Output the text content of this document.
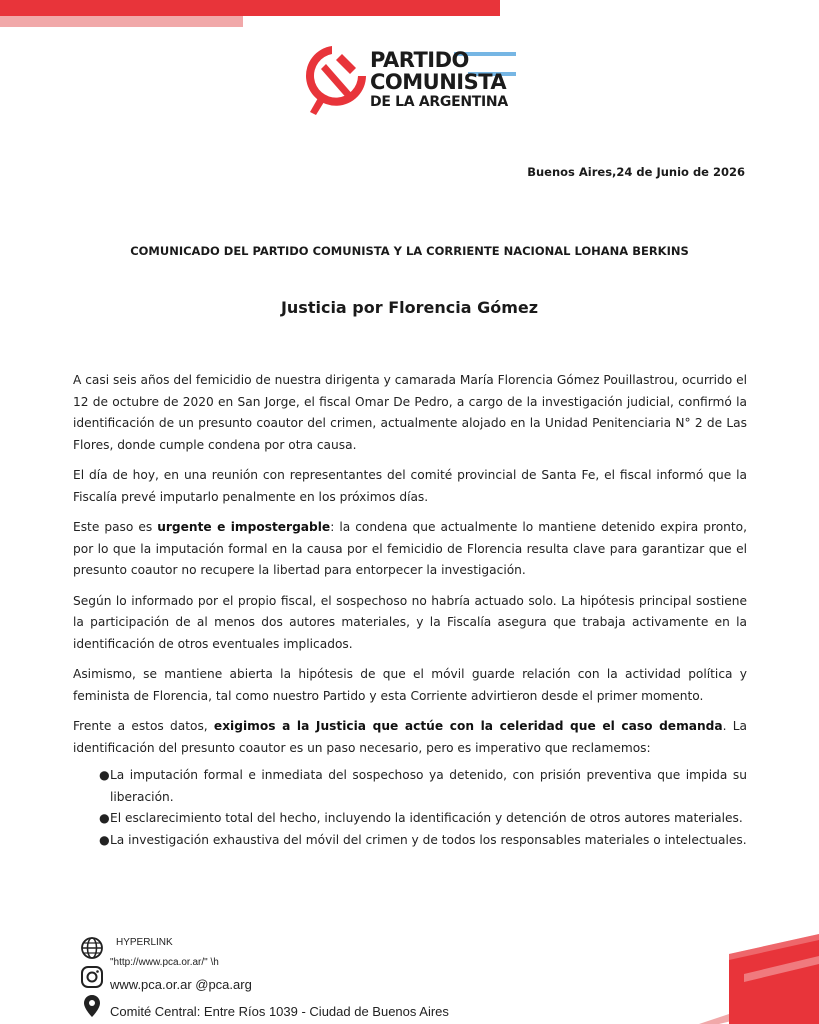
PARTIDO
COMUNISTA
DE LA ARGENTINA
Buenos Aires,24 de Junio de 2026
COMUNICADO DEL PARTIDO COMUNISTA Y LA CORRIENTE NACIONAL LOHANA BERKINS
Justicia por Florencia Gómez

A casi seis años del femicidio de nuestra dirigenta y camarada María Florencia Gómez Pouillastrou, ocurrido el 12 de octubre de 2020 en San Jorge, el fiscal Omar De Pedro, a cargo de la investigación judicial, confirmó la identificación de un presunto coautor del crimen, actualmente alojado en la Unidad Penitenciaria N° 2 de Las Flores, donde cumple condena por otra causa.

El día de hoy, en una reunión con representantes del comité provincial de Santa Fe, el fiscal informó que la Fiscalía prevé imputarlo penalmente en los próximos días.

Este paso es urgente e impostergable: la condena que actualmente lo mantiene detenido expira pronto, por lo que la imputación formal en la causa por el femicidio de Florencia resulta clave para garantizar que el presunto coautor no recupere la libertad para entorpecer la investigación.

Según lo informado por el propio fiscal, el sospechoso no habría actuado solo. La hipótesis principal sostiene la participación de al menos dos autores materiales, y la Fiscalía asegura que trabaja activamente en la identificación de otros eventuales implicados.

Asimismo, se mantiene abierta la hipótesis de que el móvil guarde relación con la actividad política y feminista de Florencia, tal como nuestro Partido y esta Corriente advirtieron desde el primer momento.

Frente a estos datos, exigimos a la Justicia que actúe con la celeridad que el caso demanda. La identificación del presunto coautor es un paso necesario, pero es imperativo que reclamemos:

● La imputación formal e inmediata del sospechoso ya detenido, con prisión preventiva que impida su liberación.
● El esclarecimiento total del hecho, incluyendo la identificación y detención de otros autores materiales.
● La investigación exhaustiva del móvil del crimen y de todos los responsables materiales o intelectuales.
HYPERLINK
"http://www.pca.or.ar/" \h
www.pca.or.ar @pca.arg
Comité Central: Entre Ríos 1039 - Ciudad de Buenos Aires
